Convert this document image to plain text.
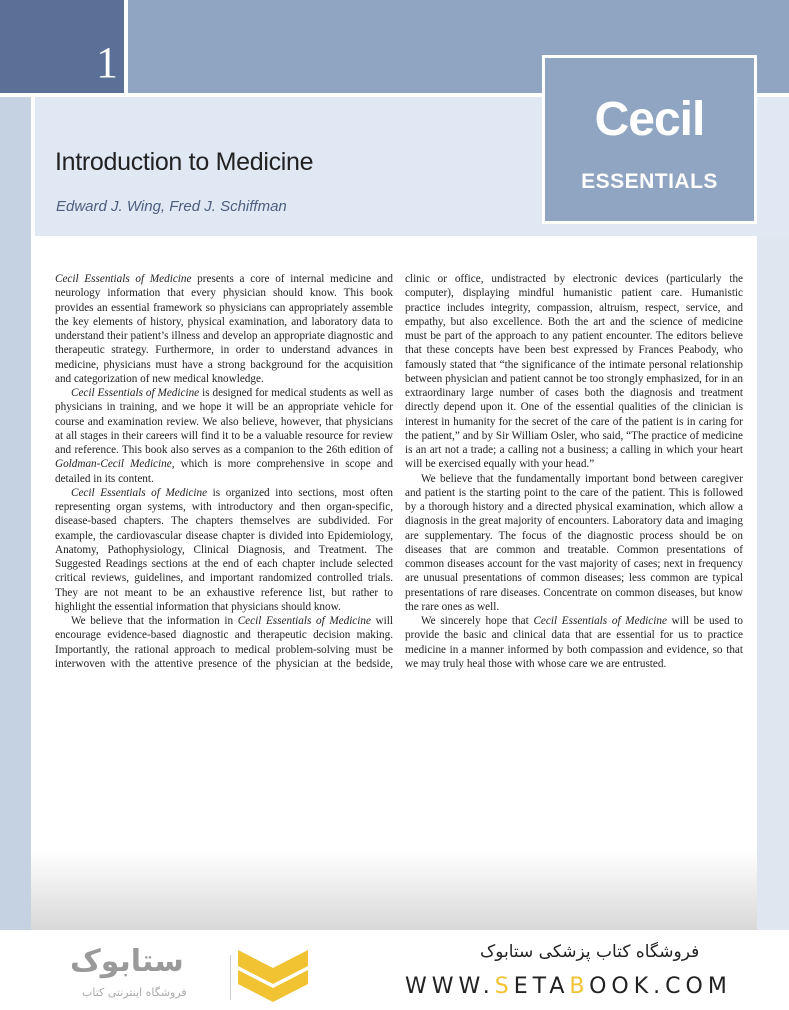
1
Introduction to Medicine
Edward J. Wing, Fred J. Schiffman
Cecil
ESSENTIALS

Cecil Essentials of Medicine presents a core of internal medicine and neurology information that every physician should know. This book provides an essential framework so physicians can appropriately assemble the key elements of history, physical examination, and laboratory data to understand their patient’s illness and develop an appropriate diagnostic and therapeutic strategy. Furthermore, in order to understand advances in medicine, physicians must have a strong background for the acquisition and categorization of new medical knowledge.

Cecil Essentials of Medicine is designed for medical students as well as physicians in training, and we hope it will be an appropriate vehicle for course and examination review. We also believe, however, that physicians at all stages in their careers will find it to be a valuable resource for review and reference. This book also serves as a companion to the 26th edition of Goldman-Cecil Medicine, which is more comprehensive in scope and detailed in its content.

Cecil Essentials of Medicine is organized into sections, most often representing organ systems, with introductory and then organ-specific, disease-based chapters. The chapters themselves are subdivided. For example, the cardiovascular disease chapter is divided into Epidemiology, Anatomy, Pathophysiology, Clinical Diagnosis, and Treatment. The Suggested Readings sections at the end of each chapter include selected critical reviews, guidelines, and important randomized controlled trials. They are not meant to be an exhaustive reference list, but rather to highlight the essential information that physicians should know.

We believe that the information in Cecil Essentials of Medicine will encourage evidence-based diagnostic and therapeutic decision making. Importantly, the rational approach to medical problem-solving must be interwoven with the attentive presence of the physician at the bedside, clinic or office, undistracted by electronic devices (particularly the computer), displaying mindful humanistic patient care. Humanistic practice includes integrity, compassion, altruism, respect, service, and empathy, but also excellence. Both the art and the science of medicine must be part of the approach to any patient encounter. The editors believe that these concepts have been best expressed by Frances Peabody, who famously stated that “the significance of the intimate personal relationship between physician and patient cannot be too strongly emphasized, for in an extraordinary large number of cases both the diagnosis and treatment directly depend upon it. One of the essential qualities of the clinician is interest in humanity for the secret of the care of the patient is in caring for the patient,” and by Sir William Osler, who said, “The practice of medicine is an art not a trade; a calling not a business; a calling in which your heart will be exercised equally with your head.”

We believe that the fundamentally important bond between caregiver and patient is the starting point to the care of the patient. This is followed by a thorough history and a directed physical examination, which allow a diagnosis in the great majority of encounters. Laboratory data and imaging are supplementary. The focus of the diagnostic process should be on diseases that are common and treatable. Common presentations of common diseases account for the vast majority of cases; next in frequency are unusual presentations of common diseases; less common are typical presentations of rare diseases. Concentrate on common diseases, but know the rare ones as well.

We sincerely hope that Cecil Essentials of Medicine will be used to provide the basic and clinical data that are essential for us to practice medicine in a manner informed by both compassion and evidence, so that we may truly heal those with whose care we are entrusted.

ستابوک
فروشگاه اینترنتی کتاب
فروشگاه کتاب پزشکی ستابوک
WWW.SETABOOK.COM
